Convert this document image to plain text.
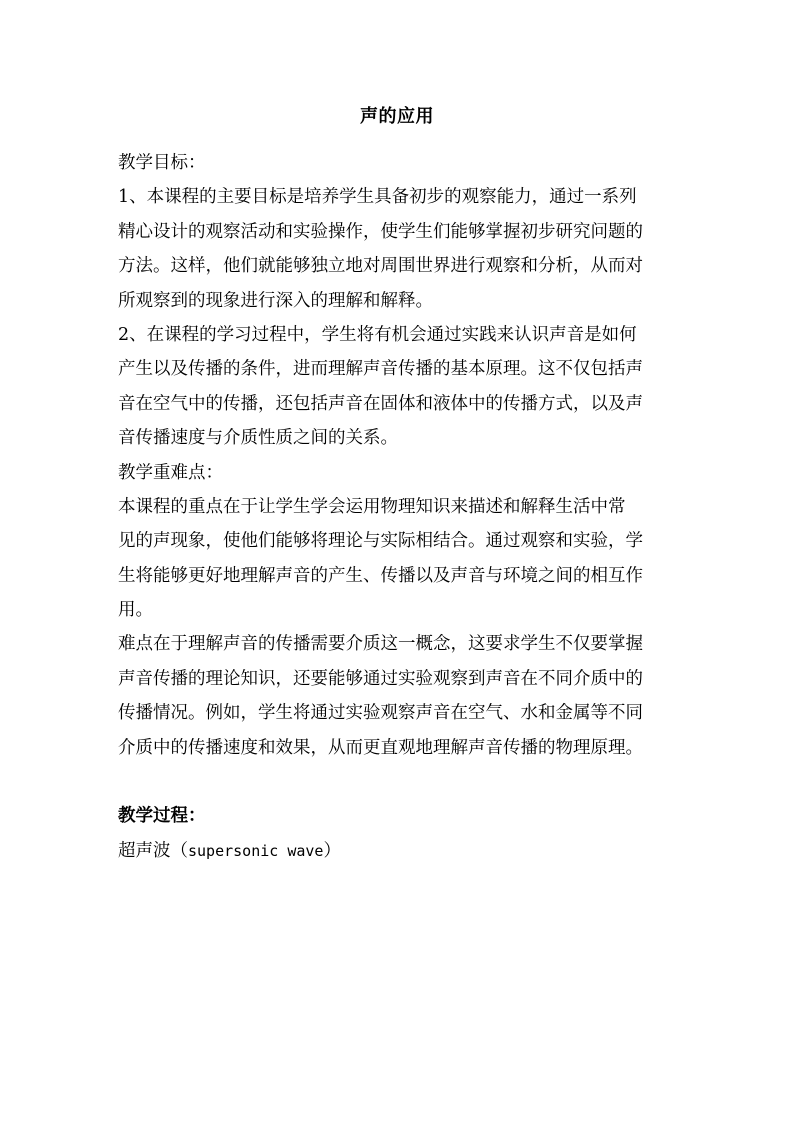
声的应用
教学目标：
1、本课程的主要目标是培养学生具备初步的观察能力，通过一系列
精心设计的观察活动和实验操作，使学生们能够掌握初步研究问题的
方法。这样，他们就能够独立地对周围世界进行观察和分析，从而对
所观察到的现象进行深入的理解和解释。
2、在课程的学习过程中，学生将有机会通过实践来认识声音是如何
产生以及传播的条件，进而理解声音传播的基本原理。这不仅包括声
音在空气中的传播，还包括声音在固体和液体中的传播方式，以及声
音传播速度与介质性质之间的关系。
教学重难点：
本课程的重点在于让学生学会运用物理知识来描述和解释生活中常
见的声现象，使他们能够将理论与实际相结合。通过观察和实验，学
生将能够更好地理解声音的产生、传播以及声音与环境之间的相互作
用。
难点在于理解声音的传播需要介质这一概念，这要求学生不仅要掌握
声音传播的理论知识，还要能够通过实验观察到声音在不同介质中的
传播情况。例如，学生将通过实验观察声音在空气、水和金属等不同
介质中的传播速度和效果，从而更直观地理解声音传播的物理原理。
教学过程：
超声波（supersonic wave）
